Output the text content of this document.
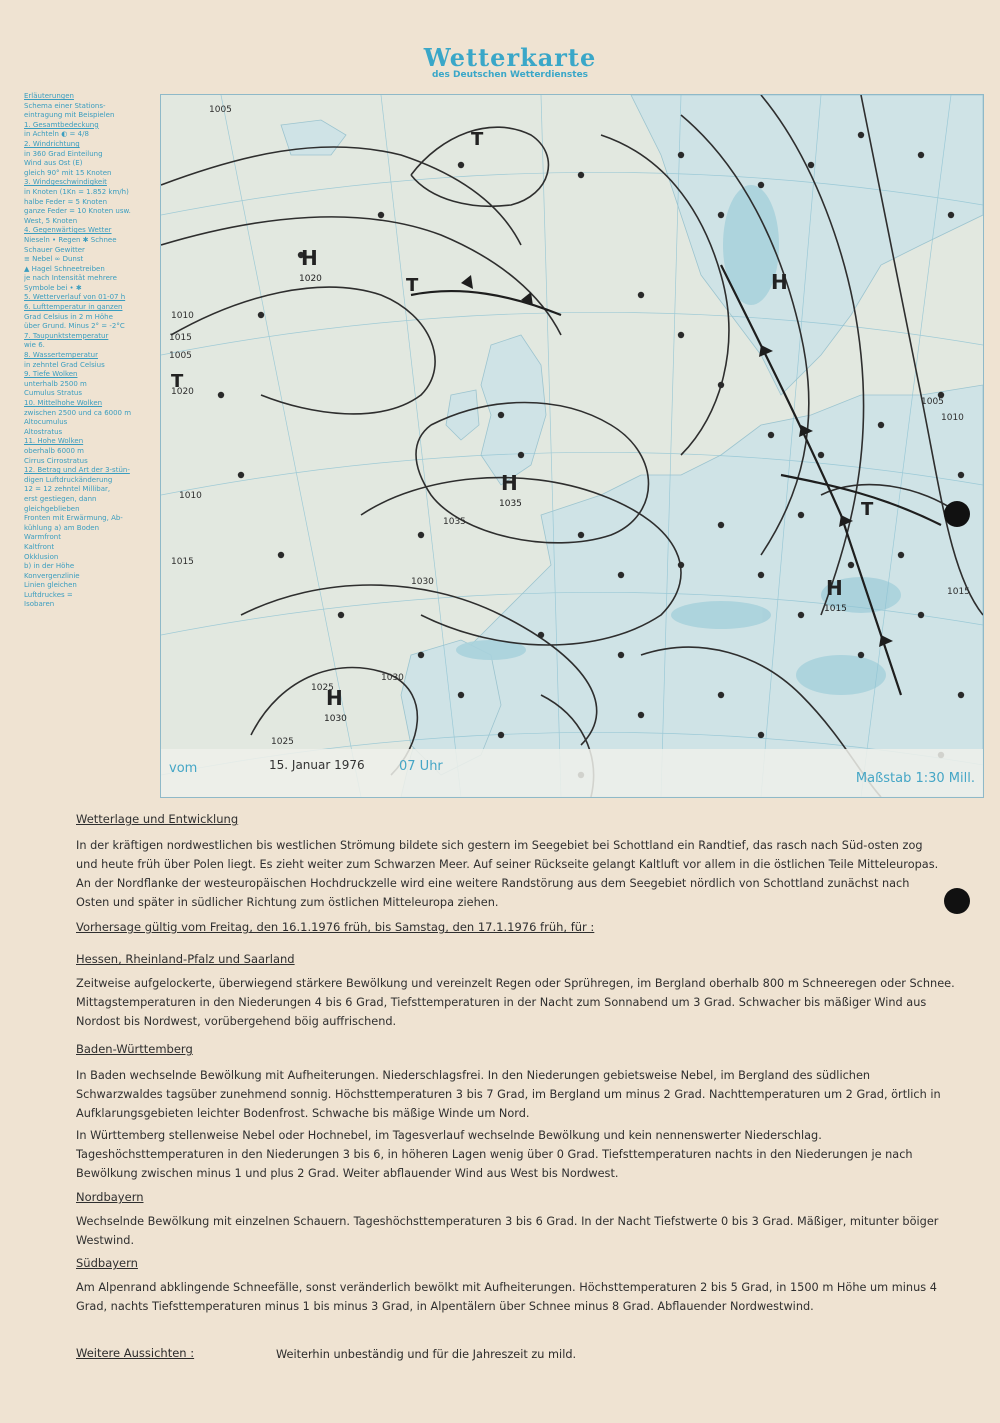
Wetterkarte
des Deutschen Wetterdienstes
Erläuterungen
Schema einer Stations-
eintragung mit Beispielen
1. Gesamtbedeckung
in Achteln ◐ = 4/8
2. Windrichtung
in 360 Grad Einteilung
Wind aus Ost (E)
gleich 90° mit 15 Knoten
3. Windgeschwindigkeit
in Knoten (1Kn = 1.852 km/h)
halbe Feder = 5 Knoten
ganze Feder = 10 Knoten usw.
West, 5 Knoten
4. Gegenwärtiges Wetter
Nieseln • Regen ✱ Schnee
Schauer Gewitter
≡ Nebel ∞ Dunst
▲ Hagel Schneetreiben
je nach Intensität mehrere
Symbole bei • ✱
5. Wetterverlauf von 01-07 h
6. Lufttemperatur in ganzen
Grad Celsius in 2 m Höhe
über Grund. Minus 2° = -2°C
7. Taupunktstemperatur
wie 6.
8. Wassertemperatur
in zehntel Grad Celsius
9. Tiefe Wolken
unterhalb 2500 m
Cumulus Stratus
10. Mittelhohe Wolken
zwischen 2500 und ca 6000 m
Altocumulus
Altostratus
11. Hohe Wolken
oberhalb 6000 m
Cirrus Cirrostratus
12. Betrag und Art der 3-stün-
digen Luftdruckänderung
12 = 12 zehntel Millibar,
erst gestiegen, dann
gleichgeblieben
Fronten mit Erwärmung, Ab-
kühlung a) am Boden
Warmfront
Kaltfront
Okklusion
b) in der Höhe
Konvergenzlinie
Linien gleichen
Luftdruckes =
Isobaren
1005
1010
1015
1020
1025
1030
1035
1005
1010
1015
1005
1010
1015
1025
1030
H
1035
H
1020
H
1030
H
1015
T
T
T
H
T
vom	15. Januar 1976	07 Uhr
Maßstab 1:30 Mill.
Wetterlage und Entwicklung
In der kräftigen nordwestlichen bis westlichen Strömung bildete sich gestern im Seegebiet bei Schottland ein Randtief, das rasch nach Süd-osten zog und heute früh über Polen liegt. Es zieht weiter zum Schwarzen Meer. Auf seiner Rückseite gelangt Kaltluft vor allem in die östlichen Teile Mitteleuropas. An der Nordflanke der westeuropäischen Hochdruckzelle wird eine weitere Randstörung aus dem Seegebiet nördlich von Schottland zunächst nach Osten und später in südlicher Richtung zum östlichen Mitteleuropa ziehen.
Vorhersage gültig vom Freitag, den 16.1.1976 früh, bis Samstag, den 17.1.1976 früh, für :
Hessen, Rheinland-Pfalz und Saarland
Zeitweise aufgelockerte, überwiegend stärkere Bewölkung und vereinzelt Regen oder Sprühregen, im Bergland oberhalb 800 m Schneeregen oder Schnee. Mittagstemperaturen in den Niederungen 4 bis 6 Grad, Tiefsttemperaturen in der Nacht zum Sonnabend um 3 Grad. Schwacher bis mäßiger Wind aus Nordost bis Nordwest, vorübergehend böig auffrischend.
Baden-Württemberg
In Baden wechselnde Bewölkung mit Aufheiterungen. Niederschlagsfrei. In den Niederungen gebietsweise Nebel, im Bergland des südlichen Schwarzwaldes tagsüber zunehmend sonnig. Höchsttemperaturen 3 bis 7 Grad, im Bergland um minus 2 Grad. Nachttemperaturen um 2 Grad, örtlich in Aufklarungsgebieten leichter Bodenfrost. Schwache bis mäßige Winde um Nord.
In Württemberg stellenweise Nebel oder Hochnebel, im Tagesverlauf wechselnde Bewölkung und kein nennenswerter Niederschlag. Tageshöchsttemperaturen in den Niederungen 3 bis 6, in höheren Lagen wenig über 0 Grad. Tiefsttemperaturen nachts in den Niederungen je nach Bewölkung zwischen minus 1 und plus 2 Grad. Weiter abflauender Wind aus West bis Nordwest.
Nordbayern
Wechselnde Bewölkung mit einzelnen Schauern. Tageshöchsttemperaturen 3 bis 6 Grad. In der Nacht Tiefstwerte 0 bis 3 Grad. Mäßiger, mitunter böiger Westwind.
Südbayern
Am Alpenrand abklingende Schneefälle, sonst veränderlich bewölkt mit Aufheiterungen. Höchsttemperaturen 2 bis 5 Grad, in 1500 m Höhe um minus 4 Grad, nachts Tiefsttemperaturen minus 1 bis minus 3 Grad, in Alpentälern über Schnee minus 8 Grad. Abflauender Nordwestwind.
Weitere Aussichten :	Weiterhin unbeständig und für die Jahreszeit zu mild.
